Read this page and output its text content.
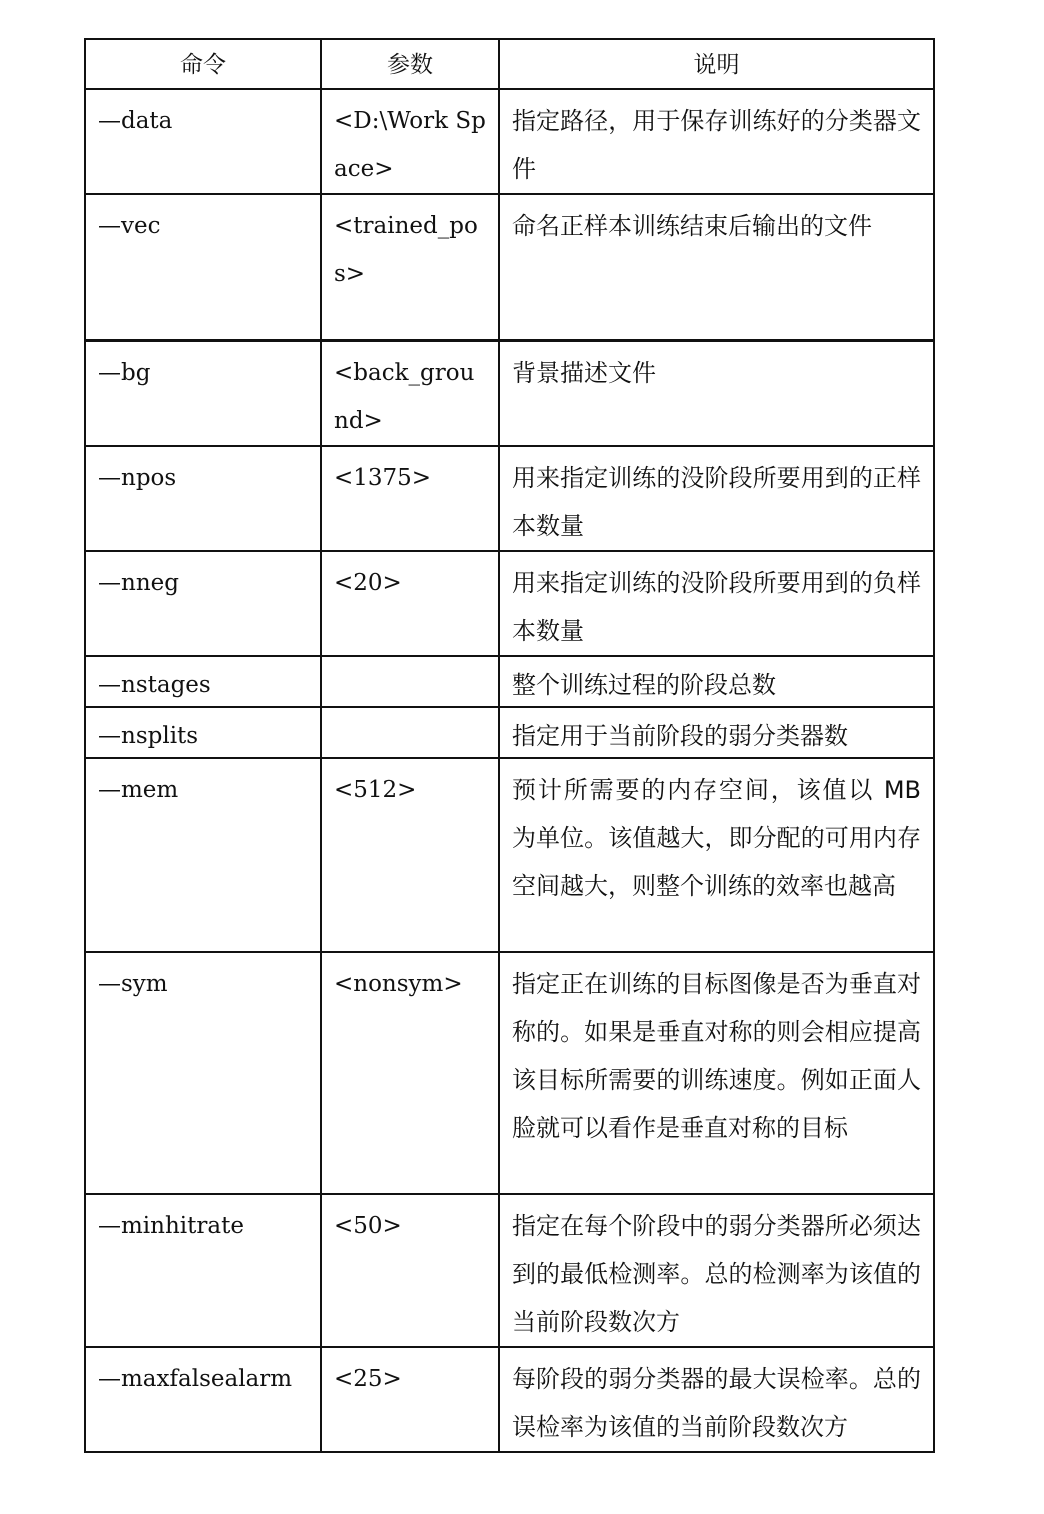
命令	参数	说明
—data	<D:\Work Space>	指定路径，用于保存训练好的分类器文件
—vec	<trained_pos>	命名正样本训练结束后输出的文件
—bg	<back_ground>	背景描述文件
—npos	<1375>	用来指定训练的没阶段所要用到的正样本数量
—nneg	<20>	用来指定训练的没阶段所要用到的负样本数量
—nstages		整个训练过程的阶段总数
—nsplits		指定用于当前阶段的弱分类器数
—mem	<512>	预计所需要的内存空间，该值以 MB 为单位。该值越大，即分配的可用内存空间越大，则整个训练的效率也越高
—sym	<nonsym>	指定正在训练的目标图像是否为垂直对称的。如果是垂直对称的则会相应提高该目标所需要的训练速度。例如正面人脸就可以看作是垂直对称的目标
—minhitrate	<50>	指定在每个阶段中的弱分类器所必须达到的最低检测率。总的检测率为该值的当前阶段数次方
—maxfalsealarm	<25>	每阶段的弱分类器的最大误检率。总的误检率为该值的当前阶段数次方
